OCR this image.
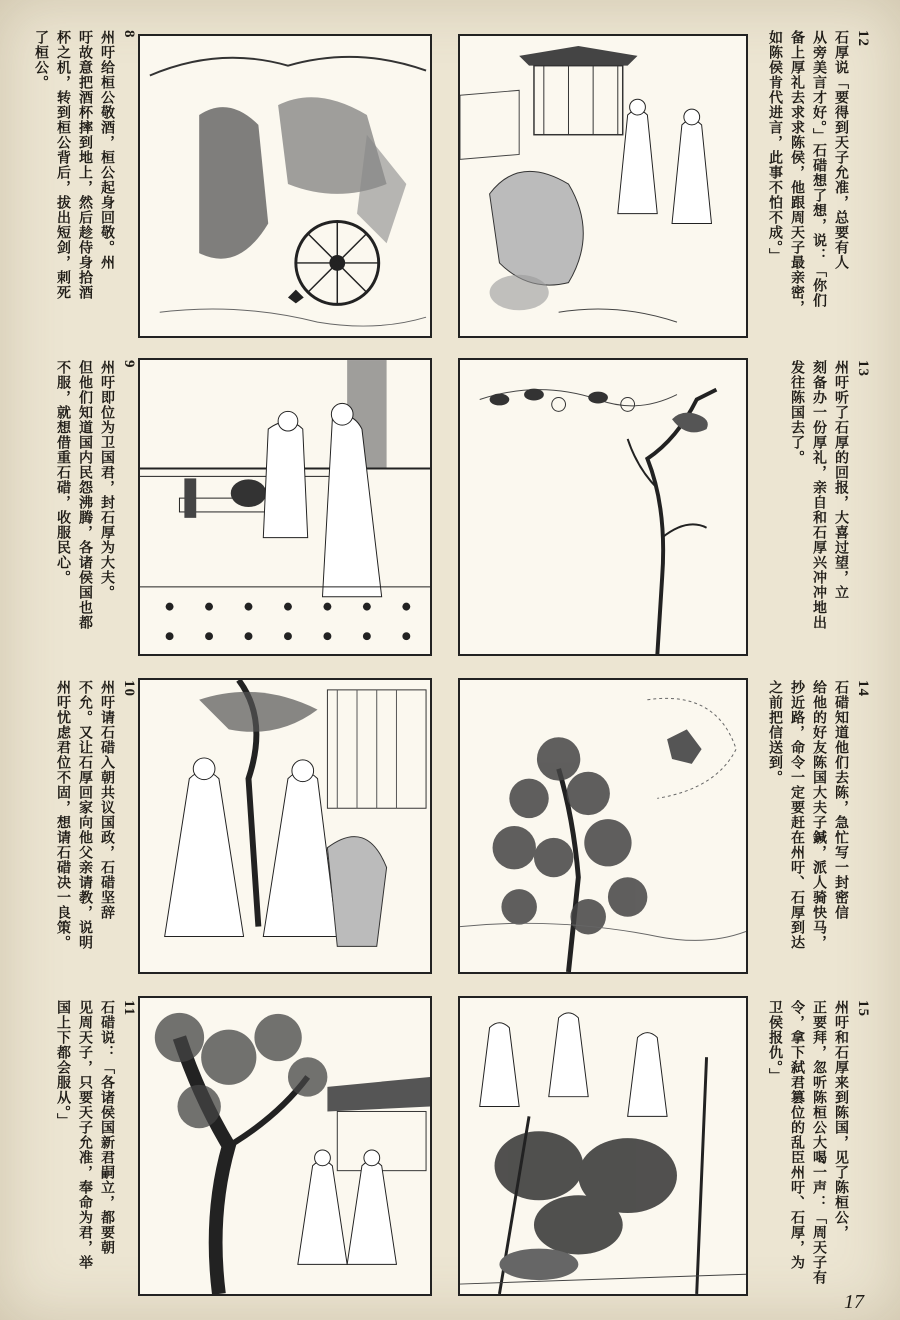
8
州吁给桓公敬酒，桓公起身回敬。州
吁故意把酒杯摔到地上，然后趁侍身拾酒
杯之机，转到桓公背后，拔出短剑，刺死
了桓公。	12
石厚说「要得到天子允准，总要有人
从旁美言才好。」石碏想了想，说：「你们
备上厚礼去求求陈侯，他跟周天子最亲密，
如陈侯肯代进言，此事不怕不成。」
9
州吁即位为卫国君，封石厚为大夫。
但他们知道国内民怨沸腾，各诸侯国也都
不服，就想借重石碏，收服民心。	13
州吁听了石厚的回报，大喜过望，立
刻备办一份厚礼，亲自和石厚兴冲冲地出
发往陈国去了。
10
州吁请石碏入朝共议国政，石碏坚辞
不允。又让石厚回家向他父亲请教，说明
州吁忧虑君位不固，想请石碏决一良策。	14
石碏知道他们去陈，急忙写一封密信
给他的好友陈国大夫子鍼，派人骑快马，
抄近路，命令一定要赶在州吁、石厚到达
之前把信送到。
11
石碏说：「各诸侯国新君嗣立，都要朝
见周天子，只要天子允准，奉命为君，举
国上下都会服从。」	15
州吁和石厚来到陈国，见了陈桓公，
正要拜，忽听陈桓公大喝一声：「周天子有
令，拿下弑君篡位的乱臣州吁、石厚，为
卫侯报仇。」
17
